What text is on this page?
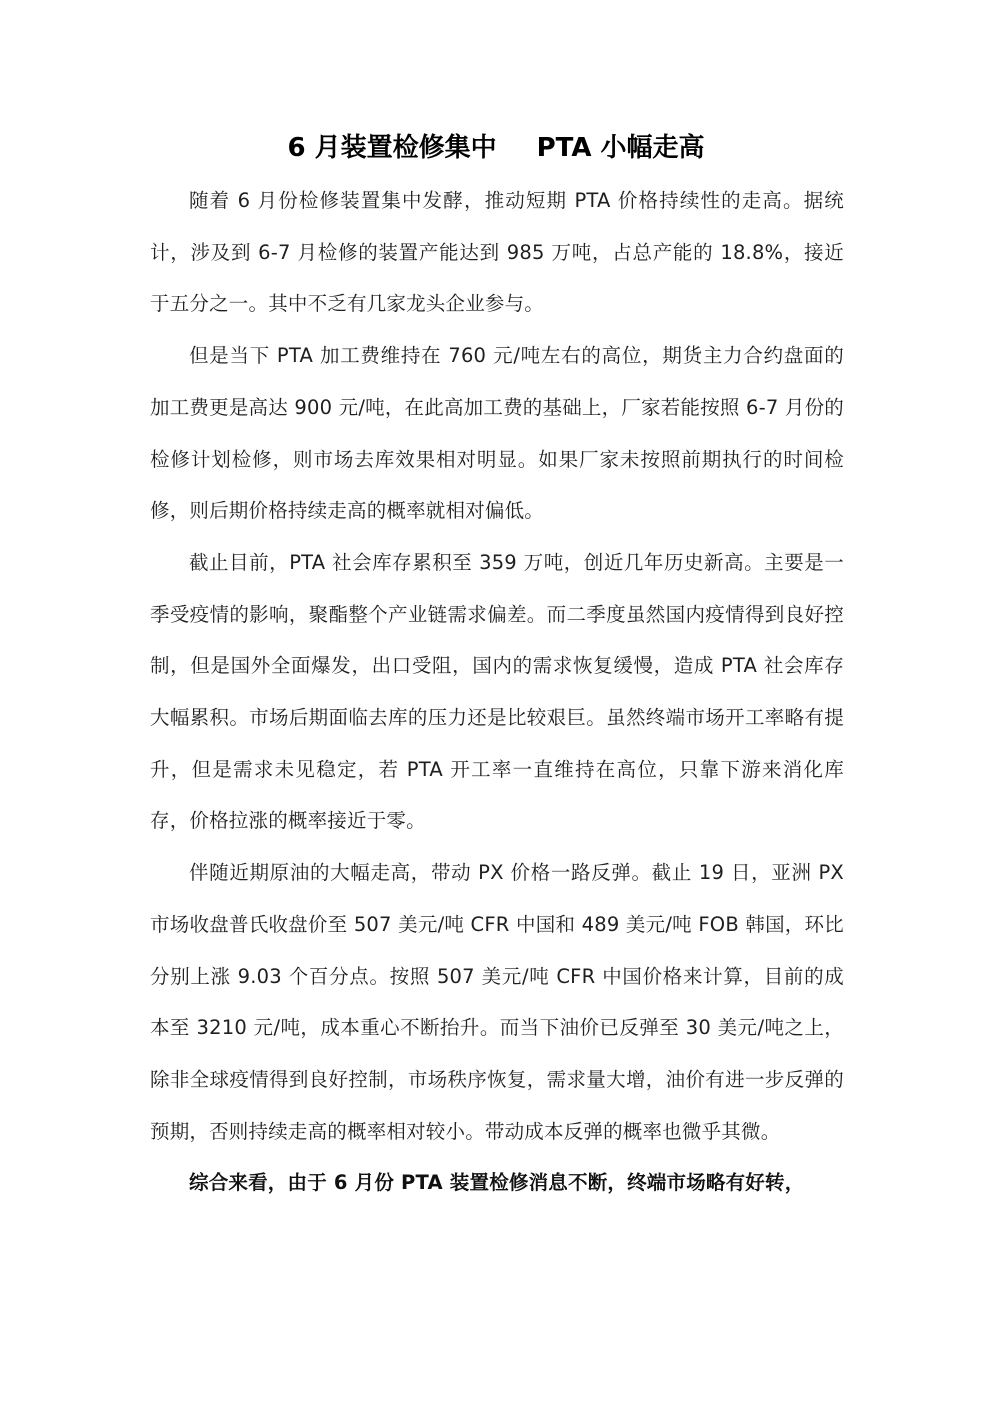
6 月装置检修集中 PTA 小幅走高

随着 6 月份检修装置集中发酵，推动短期 PTA 价格持续性的走高。据统计，涉及到 6-7 月检修的装置产能达到 985 万吨，占总产能的 18.8%，接近于五分之一。其中不乏有几家龙头企业参与。

但是当下 PTA 加工费维持在 760 元/吨左右的高位，期货主力合约盘面的加工费更是高达 900 元/吨，在此高加工费的基础上，厂家若能按照 6-7 月份的检修计划检修，则市场去库效果相对明显。如果厂家未按照前期执行的时间检修，则后期价格持续走高的概率就相对偏低。

截止目前，PTA 社会库存累积至 359 万吨，创近几年历史新高。主要是一季受疫情的影响，聚酯整个产业链需求偏差。而二季度虽然国内疫情得到良好控制，但是国外全面爆发，出口受阻，国内的需求恢复缓慢，造成 PTA 社会库存大幅累积。市场后期面临去库的压力还是比较艰巨。虽然终端市场开工率略有提升，但是需求未见稳定，若 PTA 开工率一直维持在高位，只靠下游来消化库存，价格拉涨的概率接近于零。

伴随近期原油的大幅走高，带动 PX 价格一路反弹。截止 19 日，亚洲 PX 市场收盘普氏收盘价至 507 美元/吨 CFR 中国和 489 美元/吨 FOB 韩国，环比分别上涨 9.03 个百分点。按照 507 美元/吨 CFR 中国价格来计算，目前的成本至 3210 元/吨，成本重心不断抬升。而当下油价已反弹至 30 美元/吨之上，除非全球疫情得到良好控制，市场秩序恢复，需求量大增，油价有进一步反弹的预期，否则持续走高的概率相对较小。带动成本反弹的概率也微乎其微。

综合来看，由于 6 月份 PTA 装置检修消息不断，终端市场略有好转，
